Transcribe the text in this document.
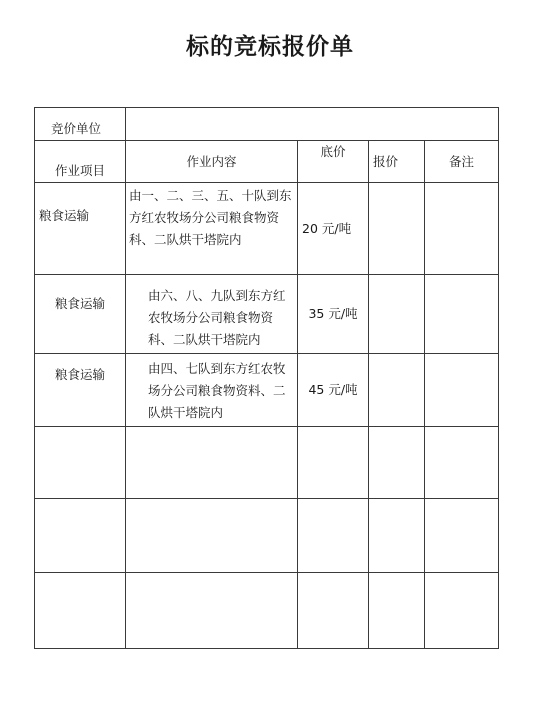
标的竞标报价单
竞价单位				
作业项目	作业内容	底价	报价	备注
粮食运输	由一、二、三、五、十队到东方红农牧场分公司粮食物资科、二队烘干塔院内	20 元/吨		
粮食运输	由六、八、九队到东方红农牧场分公司粮食物资科、二队烘干塔院内	35 元/吨		
粮食运输	由四、七队到东方红农牧场分公司粮食物资料、二队烘干塔院内	45 元/吨		
